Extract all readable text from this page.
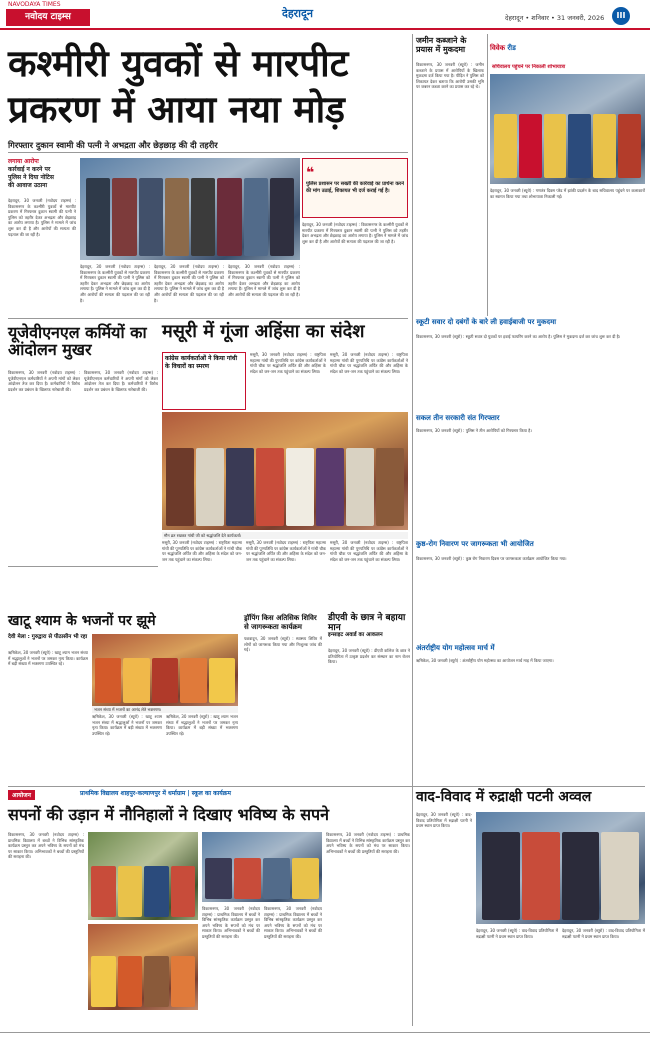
NAVODAYA TIMES
नवोदय टाइम्स	देहरादून	देहरादून • शनिवार • 31 जनवरी, 2026	III
कश्मीरी युवकों से मारपीट
प्रकरण में आया नया मोड़
गिरफ्तार दुकान स्वामी की पत्नी ने अभद्रता और छेड़छाड़ की दी तहरीर
लगाया आरोपः
कार्रवाई न करने पर
पुलिस ने दिया नोटिस
की आवाज उठाना
देहरादून, 30 जनवरी (नवोदय टाइम्स) : विकासनगर के कश्मीरी युवकों से मारपीट प्रकरण में गिरफ्तार दुकान स्वामी की पत्नी ने पुलिस को तहरीर देकर अभद्रता और छेड़छाड़ का आरोप लगाया है। पुलिस ने मामले में जांच शुरू कर दी है और आरोपों की सत्यता की पड़ताल की जा रही है।
❝
पुलिस प्रशासन पर सख्ती की कार्रवाई का प्रार्थना करने की मांग उठाई, शिकायत भी दर्ज कराई गई है।
देहरादून, 30 जनवरी (नवोदय टाइम्स) : विकासनगर के कश्मीरी युवकों से मारपीट प्रकरण में गिरफ्तार दुकान स्वामी की पत्नी ने पुलिस को तहरीर देकर अभद्रता और छेड़छाड़ का आरोप लगाया है। पुलिस ने मामले में जांच शुरू कर दी है और आरोपों की सत्यता की पड़ताल की जा रही है।
देहरादून, 30 जनवरी (नवोदय टाइम्स) : विकासनगर के कश्मीरी युवकों से मारपीट प्रकरण में गिरफ्तार दुकान स्वामी की पत्नी ने पुलिस को तहरीर देकर अभद्रता और छेड़छाड़ का आरोप लगाया है। पुलिस ने मामले में जांच शुरू कर दी है और आरोपों की सत्यता की पड़ताल की जा रही है।
देहरादून, 30 जनवरी (नवोदय टाइम्स) : विकासनगर के कश्मीरी युवकों से मारपीट प्रकरण में गिरफ्तार दुकान स्वामी की पत्नी ने पुलिस को तहरीर देकर अभद्रता और छेड़छाड़ का आरोप लगाया है। पुलिस ने मामले में जांच शुरू कर दी है और आरोपों की सत्यता की पड़ताल की जा रही है।
देहरादून, 30 जनवरी (नवोदय टाइम्स) : विकासनगर के कश्मीरी युवकों से मारपीट प्रकरण में गिरफ्तार दुकान स्वामी की पत्नी ने पुलिस को तहरीर देकर अभद्रता और छेड़छाड़ का आरोप लगाया है। पुलिस ने मामले में जांच शुरू कर दी है और आरोपों की सत्यता की पड़ताल की जा रही है।
जमीन कब्जाने के प्रयास में मुकदमा
विकासनगर, 30 जनवरी (ब्यूरो) : जमीन कब्जाने के प्रयास में आरोपियों के खिलाफ मुकदमा दर्ज किया गया है। पीड़ित ने पुलिस को शिकायत देकर बताया कि आरोपी उसकी भूमि पर जबरन कब्जा करने का प्रयास कर रहे थे।
विवेक रीड
सचिवालय पहुंचने पर निकाली शोभायात्रा
देहरादून, 30 जनवरी (ब्यूरो) : गणतंत्र दिवस परेड में झांकी प्रदर्शन के बाद सचिवालय पहुंचने पर कलाकारों का स्वागत किया गया तथा शोभायात्रा निकाली गई।
स्कूटी सवार दो दबंगों के बारे ली हवाईबाजी पर मुकदमा
विकासनगर, 30 जनवरी (ब्यूरो) : स्कूटी सवार दो युवकों पर हवाई फायरिंग करने का आरोप है। पुलिस ने मुकदमा दर्ज कर जांच शुरू कर दी है।
सकल तीन सरकारी संत गिरफ्तार
विकासनगर, 30 जनवरी (ब्यूरो) : पुलिस ने तीन आरोपियों को गिरफ्तार किया है।
कुष्ठ-रोग निवारण पर जागरूकता भी आयोजित
विकासनगर, 30 जनवरी (ब्यूरो) : कुष्ठ रोग निवारण दिवस पर जागरूकता कार्यक्रम आयोजित किया गया।
अंतर्राष्ट्रीय योग महोत्सव मार्च में
ऋषिकेश, 30 जनवरी (ब्यूरो) : अंतर्राष्ट्रीय योग महोत्सव का आयोजन मार्च माह में किया जाएगा।
यूजेवीएनएल कर्मियों का आंदोलन मुखर
विकासनगर, 30 जनवरी (नवोदय टाइम्स) : यूजेवीएनएल कर्मचारियों ने अपनी मांगों को लेकर आंदोलन तेज कर दिया है। कर्मचारियों ने विरोध प्रदर्शन कर प्रबंधन के खिलाफ नारेबाजी की।
विकासनगर, 30 जनवरी (नवोदय टाइम्स) : यूजेवीएनएल कर्मचारियों ने अपनी मांगों को लेकर आंदोलन तेज कर दिया है। कर्मचारियों ने विरोध प्रदर्शन कर प्रबंधन के खिलाफ नारेबाजी की।
मसूरी में गूंजा अहिंसा का संदेश
कांग्रेस कार्यकर्ताओं ने किया गांधी के विचारों का स्मरण
मसूरी, 30 जनवरी (नवोदय टाइम्स) : राष्ट्रपिता महात्मा गांधी की पुण्यतिथि पर कांग्रेस कार्यकर्ताओं ने गांधी चौक पर श्रद्धांजलि अर्पित की और अहिंसा के संदेश को जन-जन तक पहुंचाने का संकल्प लिया।
मसूरी, 30 जनवरी (नवोदय टाइम्स) : राष्ट्रपिता महात्मा गांधी की पुण्यतिथि पर कांग्रेस कार्यकर्ताओं ने गांधी चौक पर श्रद्धांजलि अर्पित की और अहिंसा के संदेश को जन-जन तक पहुंचाने का संकल्प लिया।
मौन व्रत रखकर गांधी जी को श्रद्धांजलि देते कार्यकर्ता।
मसूरी, 30 जनवरी (नवोदय टाइम्स) : राष्ट्रपिता महात्मा गांधी की पुण्यतिथि पर कांग्रेस कार्यकर्ताओं ने गांधी चौक पर श्रद्धांजलि अर्पित की और अहिंसा के संदेश को जन-जन तक पहुंचाने का संकल्प लिया।
मसूरी, 30 जनवरी (नवोदय टाइम्स) : राष्ट्रपिता महात्मा गांधी की पुण्यतिथि पर कांग्रेस कार्यकर्ताओं ने गांधी चौक पर श्रद्धांजलि अर्पित की और अहिंसा के संदेश को जन-जन तक पहुंचाने का संकल्प लिया।
मसूरी, 30 जनवरी (नवोदय टाइम्स) : राष्ट्रपिता महात्मा गांधी की पुण्यतिथि पर कांग्रेस कार्यकर्ताओं ने गांधी चौक पर श्रद्धांजलि अर्पित की और अहिंसा के संदेश को जन-जन तक पहुंचाने का संकल्प लिया।
खाटू श्याम के भजनों पर झूमे
देवी मेला : गुरुद्वारा से पीठासीन भी रहा
ऋषिकेश, 30 जनवरी (ब्यूरो) : खाटू श्याम भजन संध्या में श्रद्धालुओं ने भजनों पर जमकर नृत्य किया। कार्यक्रम में बड़ी संख्या में भक्तगण उपस्थित रहे।
भजन संध्या में भजनों का आनंद लेते भक्तगण।
ऋषिकेश, 30 जनवरी (ब्यूरो) : खाटू श्याम भजन संध्या में श्रद्धालुओं ने भजनों पर जमकर नृत्य किया। कार्यक्रम में बड़ी संख्या में भक्तगण उपस्थित रहे।
ऋषिकेश, 30 जनवरी (ब्यूरो) : खाटू श्याम भजन संध्या में श्रद्धालुओं ने भजनों पर जमकर नृत्य किया। कार्यक्रम में बड़ी संख्या में भक्तगण उपस्थित रहे।
ड्रॉपिंग किस अतिसिक शिविर से जागरूकता कार्यक्रम
पछवादून, 30 जनवरी (ब्यूरो) : स्वास्थ्य शिविर में लोगों को जागरूक किया गया और निःशुल्क जांच की गई।
डीएवी के छात्र ने बहाया मान
इन्साइट अवार्ड का आकलन
देहरादून, 30 जनवरी (ब्यूरो) : डीएवी कॉलेज के छात्र ने प्रतियोगिता में उत्कृष्ट प्रदर्शन कर संस्थान का नाम रोशन किया।
आयोजन	प्राथमिक विद्यालय शाहपुर-कल्याणपुर में धर्माग्राम | स्कूल का कार्यक्रम
सपनों की उड़ान में नौनिहालों ने दिखाए भविष्य के सपने
विकासनगर, 30 जनवरी (नवोदय टाइम्स) : प्राथमिक विद्यालय में बच्चों ने विभिन्न सांस्कृतिक कार्यक्रम प्रस्तुत कर अपने भविष्य के सपनों को मंच पर साकार किया। अभिभावकों ने बच्चों की प्रस्तुतियों की सराहना की।
विकासनगर, 30 जनवरी (नवोदय टाइम्स) : प्राथमिक विद्यालय में बच्चों ने विभिन्न सांस्कृतिक कार्यक्रम प्रस्तुत कर अपने भविष्य के सपनों को मंच पर साकार किया। अभिभावकों ने बच्चों की प्रस्तुतियों की सराहना की।
विकासनगर, 30 जनवरी (नवोदय टाइम्स) : प्राथमिक विद्यालय में बच्चों ने विभिन्न सांस्कृतिक कार्यक्रम प्रस्तुत कर अपने भविष्य के सपनों को मंच पर साकार किया। अभिभावकों ने बच्चों की प्रस्तुतियों की सराहना की।
विकासनगर, 30 जनवरी (नवोदय टाइम्स) : प्राथमिक विद्यालय में बच्चों ने विभिन्न सांस्कृतिक कार्यक्रम प्रस्तुत कर अपने भविष्य के सपनों को मंच पर साकार किया। अभिभावकों ने बच्चों की प्रस्तुतियों की सराहना की।
वाद-विवाद में रुद्राक्षी पटनी अव्वल
देहरादून, 30 जनवरी (ब्यूरो) : वाद-विवाद प्रतियोगिता में रुद्राक्षी पटनी ने प्रथम स्थान प्राप्त किया।
देहरादून, 30 जनवरी (ब्यूरो) : वाद-विवाद प्रतियोगिता में रुद्राक्षी पटनी ने प्रथम स्थान प्राप्त किया।
देहरादून, 30 जनवरी (ब्यूरो) : वाद-विवाद प्रतियोगिता में रुद्राक्षी पटनी ने प्रथम स्थान प्राप्त किया।
